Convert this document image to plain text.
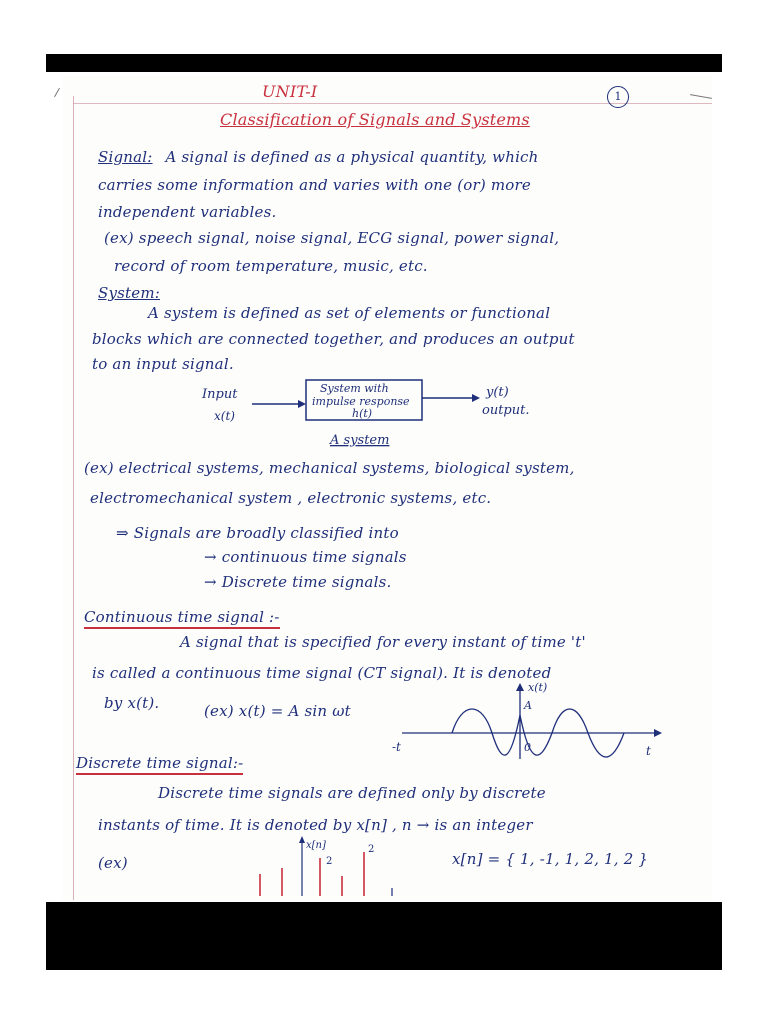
UNIT-I	1
Classification of Signals and Systems
Signal: A signal is defined as a physical quantity, which
carries some information and varies with one (or) more
independent variables.
(ex) speech signal, noise signal, ECG signal, power signal,
record of room temperature, music, etc.
System:
A system is defined as set of elements or functional
blocks which are connected together, and produces an output
to an input signal.
Input
x(t)
System with
impulse response
h(t)
y(t)
output.
A system
(ex) electrical systems, mechanical systems, biological system,
electromechanical system , electronic systems, etc.
⇒ Signals are broadly classified into
→ continuous time signals
→ Discrete time signals.
Continuous time signal :-
A signal that is specified for every instant of time 't'
is called a continuous time signal (CT signal). It is denoted
by x(t).	(ex) x(t) = A sin ωt
x(t)
A
-t	0	t
Discrete time signal:-
Discrete time signals are defined only by discrete
instants of time. It is denoted by x[n] , n → is an integer
(ex)	x[n] = { 1, -1, 1, 2, 1, 2 }
x[n]
2
2
